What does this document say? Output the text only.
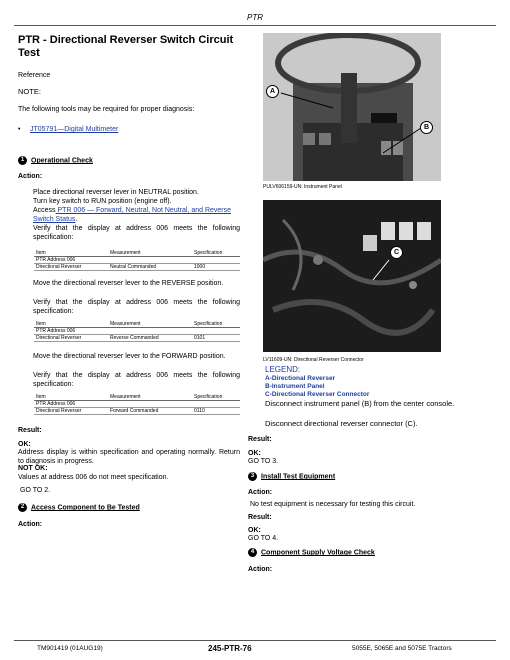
PTR
PTR - Directional Reverser Switch Circuit Test
Reference
NOTE:
The following tools may be required for proper diagnosis:
• JT05791—Digital Multimeter
1 Operational Check
Action:
Place directional reverser lever in NEUTRAL position.
Turn key switch to RUN position (engine off).
Access PTR 006 — Forward, Neutral, Not Neutral, and Reverse Switch Status.
Verify that the display at address 006 meets the following specification:
Item	Measurement	Specification
PTR Address 006		
Directional Reverser	Neutral Commanded	1000
Move the directional reverser lever to the REVERSE position.
Verify that the display at address 006 meets the following specification:
Item	Measurement	Specification
PTR Address 006		
Directional Reverser	Reverse Commanded	0101
Move the directional reverser lever to the FORWARD position.
Verify that the display at address 006 meets the following specification:
Item	Measurement	Specification
PTR Address 006		
Directional Reverser	Forward Commanded	0110
Result:
OK:
Address display is within specification and operating normally. Return to diagnosis in progress.
NOT OK:
Values at address 006 do not meet specification.
GO TO 2.
2 Access Component to Be Tested
Action:
A
B
PULV606159-UN: Instrument Panel
C
LV11609-UN: Directional Reverser Connector
LEGEND:
A-Directional Reverser
B-Instrument Panel
C-Directional Reverser Connector
Disconnect instrument panel (B) from the center console.
Disconnect directional reverser connector (C).
Result:
OK:
GO TO 3.
3 Install Test Equipment
Action:
No test equipment is necessary for testing this circuit.
Result:
OK:
GO TO 4.
4 Component Supply Voltage Check
Action:
TM901419 (01AUG19)	245-PTR-76	5055E, 5065E and 5075E Tractors
